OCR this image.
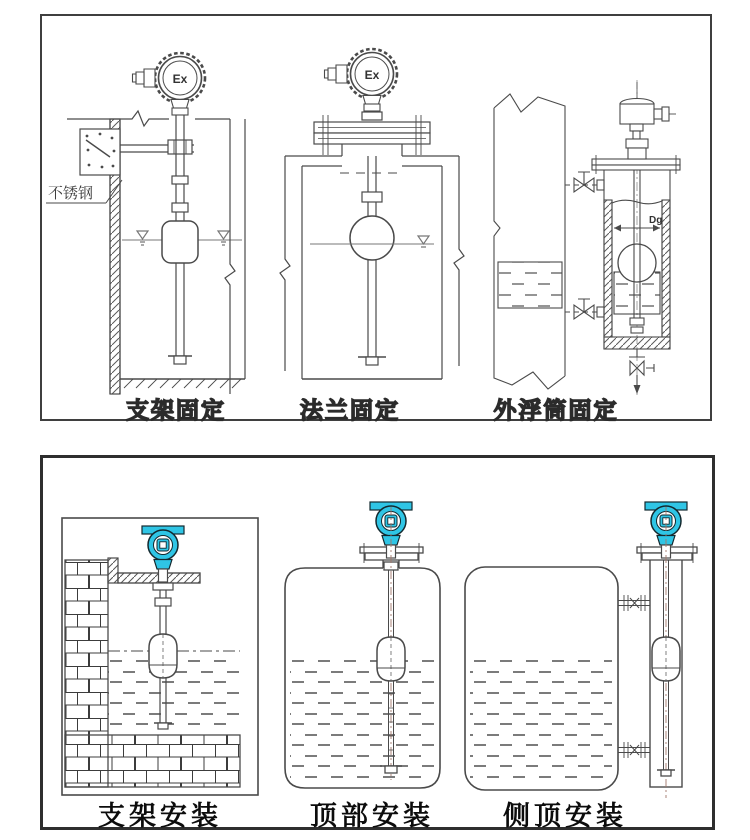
不锈钢
Dg
Ex	Ex
支架固定	法兰固定	外浮筒固定
支架安装	顶部安装	侧顶安装
